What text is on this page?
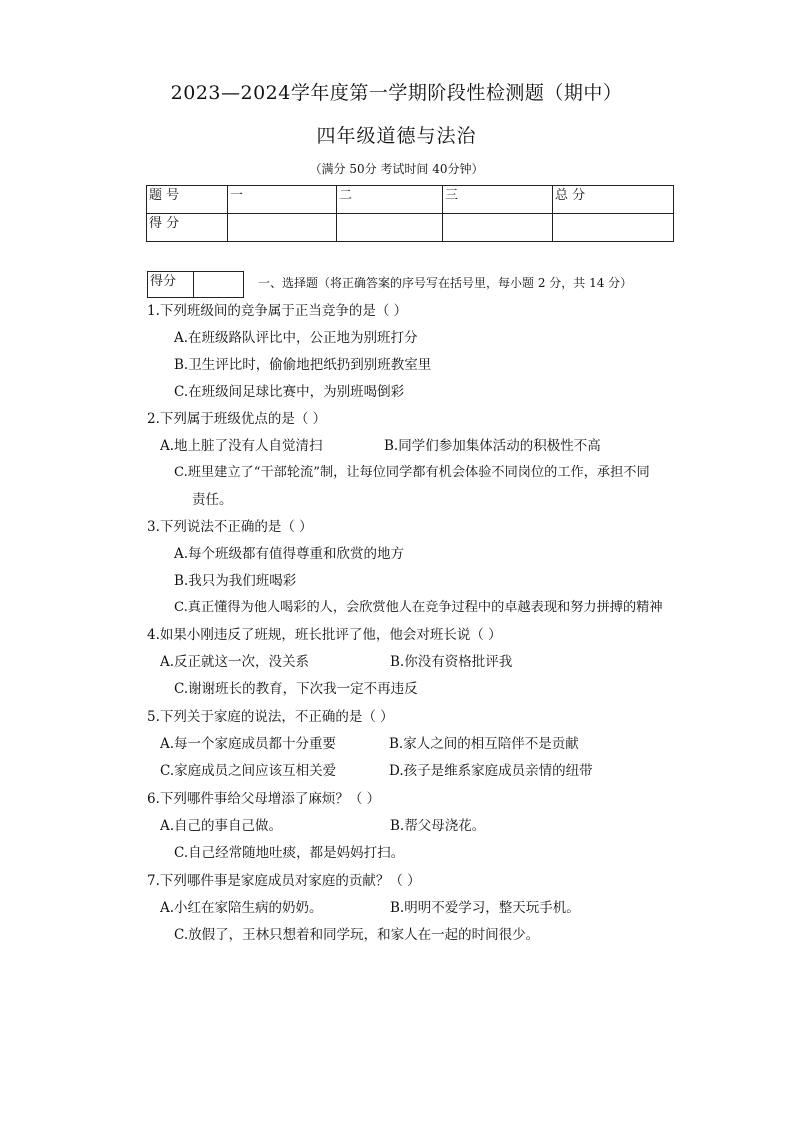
2023—2024学年度第一学期阶段性检测题（期中）
四年级道德与法治
（满分 50分 考试时间 40分钟）
题 号	一	二	三	总 分
得 分				
得分		一、选择题（将正确答案的序号写在括号里，每小题 2 分，共 14 分）
1.下列班级间的竞争属于正当竞争的是（ ）
A.在班级路队评比中，公正地为别班打分
B.卫生评比时，偷偷地把纸扔到别班教室里
C.在班级间足球比赛中，为别班喝倒彩
2.下列属于班级优点的是（ ）
A.地上脏了没有人自觉清扫	B.同学们参加集体活动的积极性不高
C.班里建立了“干部轮流”制，让每位同学都有机会体验不同岗位的工作，承担不同
责任。
3.下列说法不正确的是（ ）
A.每个班级都有值得尊重和欣赏的地方
B.我只为我们班喝彩
C.真正懂得为他人喝彩的人，会欣赏他人在竞争过程中的卓越表现和努力拼搏的精神
4.如果小刚违反了班规，班长批评了他，他会对班长说（ ）
A.反正就这一次，没关系	B.你没有资格批评我
C.谢谢班长的教育，下次我一定不再违反
5.下列关于家庭的说法，不正确的是（ ）
A.每一个家庭成员都十分重要	B.家人之间的相互陪伴不是贡献
C.家庭成员之间应该互相关爱	D.孩子是维系家庭成员亲情的纽带
6.下列哪件事给父母增添了麻烦？（ ）
A.自己的事自己做。	B.帮父母浇花。
C.自己经常随地吐痰，都是妈妈打扫。
7.下列哪件事是家庭成员对家庭的贡献？（ ）
A.小红在家陪生病的奶奶。	B.明明不爱学习，整天玩手机。
C.放假了，王林只想着和同学玩，和家人在一起的时间很少。
